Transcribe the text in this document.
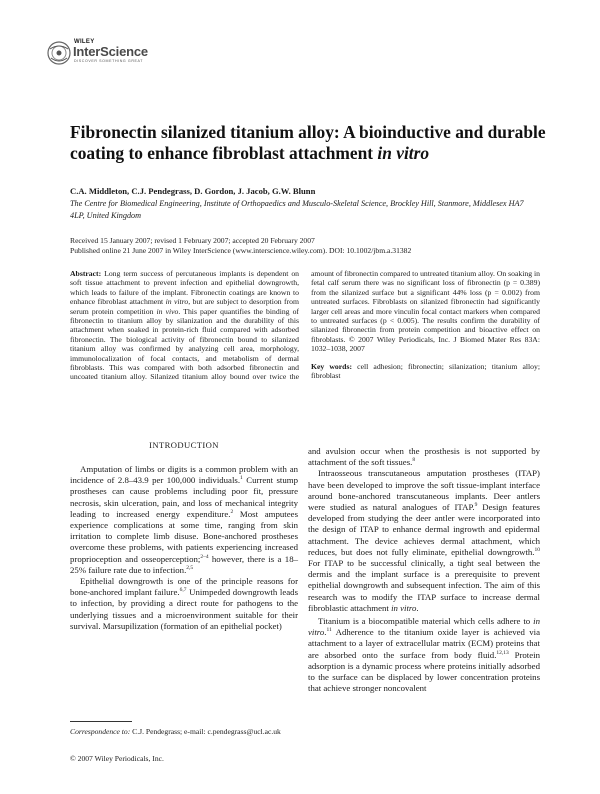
WILEY
InterScience
DISCOVER SOMETHING GREAT
Fibronectin silanized titanium alloy: A bioinductive and durable coating to enhance fibroblast attachment in vitro
C.A. Middleton, C.J. Pendegrass, D. Gordon, J. Jacob, G.W. Blunn
The Centre for Biomedical Engineering, Institute of Orthopaedics and Musculo-Skeletal Science, Brockley Hill, Stanmore, Middlesex HA7 4LP, United Kingdom
Received 15 January 2007; revised 1 February 2007; accepted 20 February 2007
Published online 21 June 2007 in Wiley InterScience (www.interscience.wiley.com). DOI: 10.1002/jbm.a.31382

Abstract: Long term success of percutaneous implants is dependent on soft tissue attachment to prevent infection and epithelial downgrowth, which leads to failure of the implant. Fibronectin coatings are known to enhance fibroblast attachment in vitro, but are subject to desorption from serum protein competition in vivo. This paper quantifies the binding of fibronectin to titanium alloy by silanization and the durability of this attachment when soaked in protein-rich fluid compared with adsorbed fibronectin. The biological activity of fibronectin bound to silanized titanium alloy was confirmed by analyzing cell area, morphology, immunolocalization of focal contacts, and metabolism of dermal fibroblasts. This was compared with both adsorbed fibronectin and uncoated titanium alloy. Silanized titanium alloy bound over twice the amount of fibronectin compared to untreated titanium alloy. On soaking in fetal calf serum there was no significant loss of fibronectin (p = 0.389) from the silanized surface but a significant 44% loss (p = 0.002) from untreated surfaces. Fibroblasts on silanized fibronectin had significantly larger cell areas and more vinculin focal contact markers when compared to untreated surfaces (p < 0.005). The results confirm the durability of silanized fibronectin from protein competition and bioactive effect on fibroblasts. © 2007 Wiley Periodicals, Inc. J Biomed Mater Res 83A: 1032–1038, 2007

Key words: cell adhesion; fibronectin; silanization; titanium alloy; fibroblast

INTRODUCTION

Amputation of limbs or digits is a common problem with an incidence of 2.8–43.9 per 100,000 individuals.$^1$ Current stump prostheses can cause problems including poor fit, pressure necrosis, skin ulceration, pain, and loss of mechanical integrity leading to increased energy expenditure.$^2$ Most amputees experience complications at some time, ranging from skin irritation to complete limb disuse. Bone-anchored prostheses overcome these problems, with patients experiencing increased proprioception and osseoperception;$^{2-4}$ however, there is a 18–25% failure rate due to infection.$^{2,5}$

Epithelial downgrowth is one of the principle reasons for bone-anchored implant failure.$^{6,7}$ Unimpeded downgrowth leads to infection, by providing a direct route for pathogens to the underlying tissues and a microenvironment suitable for their survival. Marsupilization (formation of an epithelial pocket)

and avulsion occur when the prosthesis is not supported by attachment of the soft tissues.$^8$

Intraosseous transcutaneous amputation prostheses (ITAP) have been developed to improve the soft tissue-implant interface around bone-anchored transcutaneous implants. Deer antlers were studied as natural analogues of ITAP.$^9$ Design features developed from studying the deer antler were incorporated into the design of ITAP to enhance dermal ingrowth and epidermal attachment. The device achieves dermal attachment, which reduces, but does not fully eliminate, epithelial downgrowth.$^{10}$ For ITAP to be successful clinically, a tight seal between the dermis and the implant surface is a prerequisite to prevent epithelial downgrowth and subsequent infection. The aim of this research was to modify the ITAP surface to increase dermal fibroblastic attachment in vitro.

Titanium is a biocompatible material which cells adhere to in vitro.$^{11}$ Adherence to the titanium oxide layer is achieved via attachment to a layer of extracellular matrix (ECM) proteins that are absorbed onto the surface from body fluid.$^{12,13}$ Protein adsorption is a dynamic process where proteins initially adsorbed to the surface can be displaced by lower concentration proteins that achieve stronger noncovalent

Correspondence to: C.J. Pendegrass; e-mail: c.pendegrass@ucl.ac.uk
© 2007 Wiley Periodicals, Inc.
